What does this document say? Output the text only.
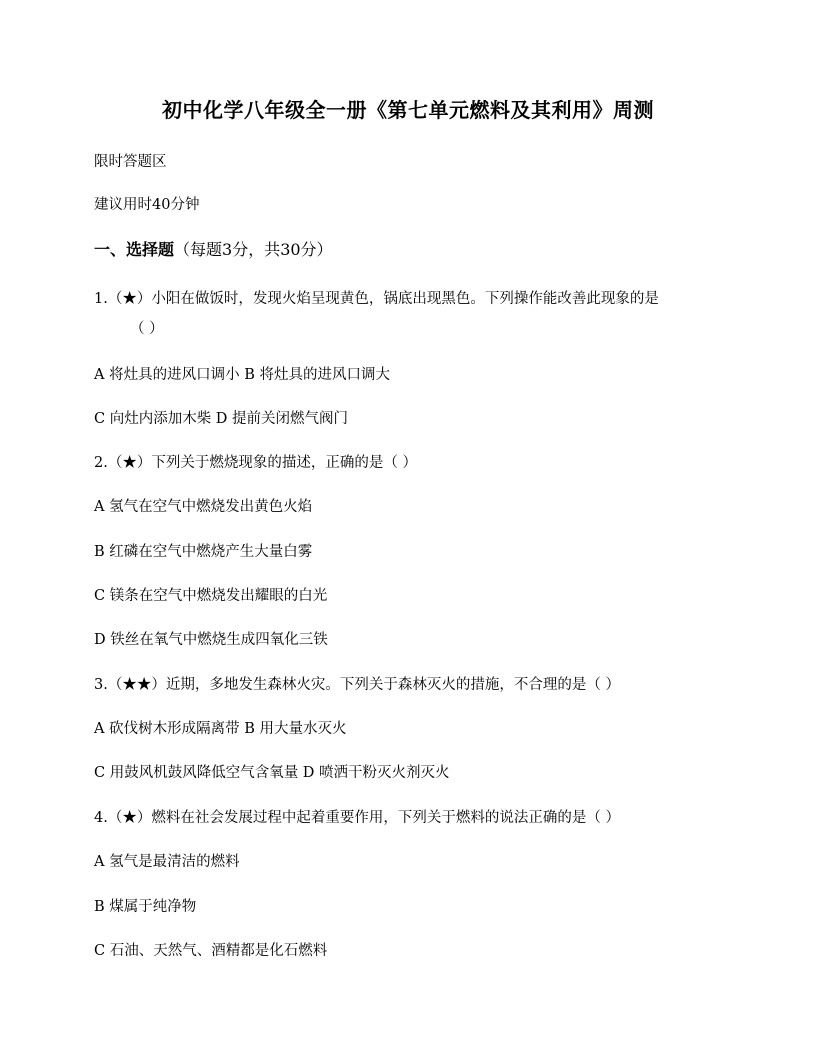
初中化学八年级全一册《第七单元燃料及其利用》周测
限时答题区
建议用时40分钟
一、选择题（每题3分，共30分）
1.（★）小阳在做饭时，发现火焰呈现黄色，锅底出现黑色。下列操作能改善此现象的是
（ ）
A 将灶具的进风口调小 B 将灶具的进风口调大
C 向灶内添加木柴 D 提前关闭燃气阀门
2.（★）下列关于燃烧现象的描述，正确的是（ ）
A 氢气在空气中燃烧发出黄色火焰
B 红磷在空气中燃烧产生大量白雾
C 镁条在空气中燃烧发出耀眼的白光
D 铁丝在氧气中燃烧生成四氧化三铁
3.（★★）近期，多地发生森林火灾。下列关于森林灭火的措施，不合理的是（ ）
A 砍伐树木形成隔离带 B 用大量水灭火
C 用鼓风机鼓风降低空气含氧量 D 喷洒干粉灭火剂灭火
4.（★）燃料在社会发展过程中起着重要作用，下列关于燃料的说法正确的是（ ）
A 氢气是最清洁的燃料
B 煤属于纯净物
C 石油、天然气、酒精都是化石燃料
